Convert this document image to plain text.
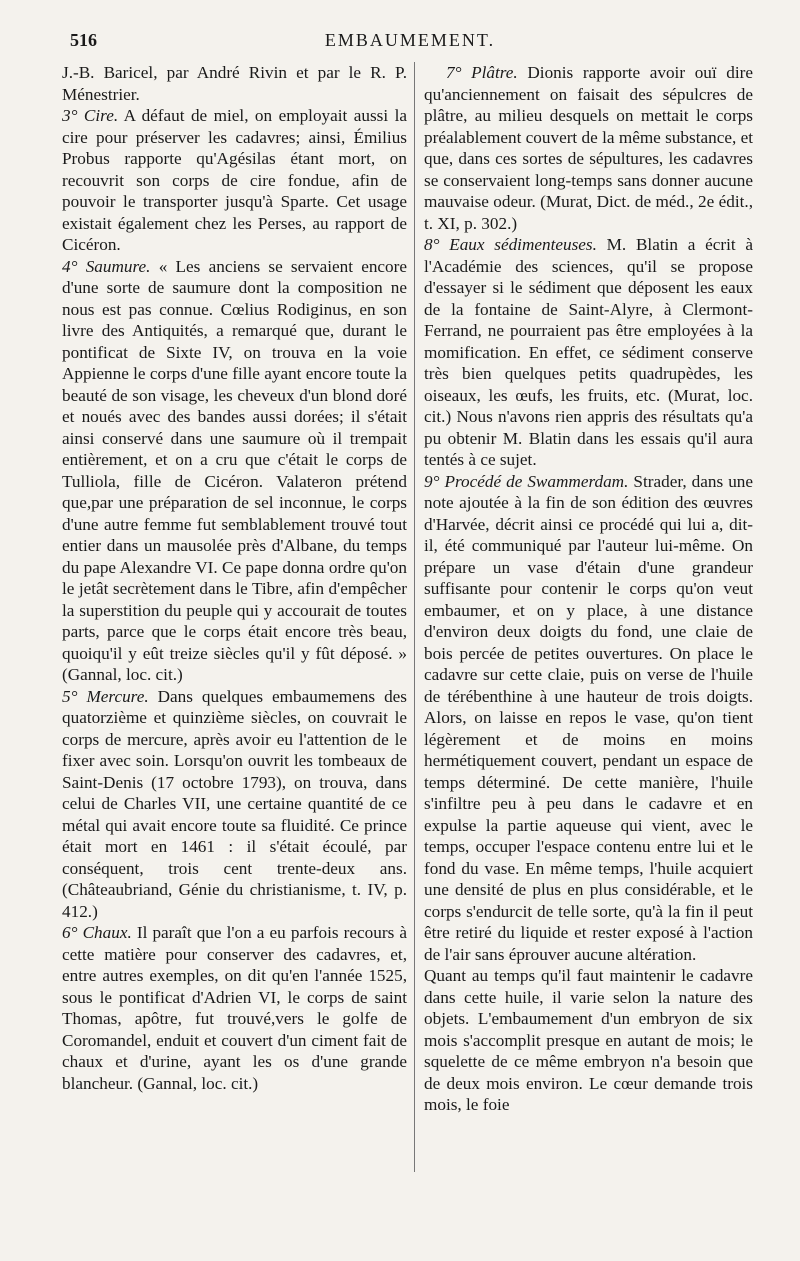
516	EMBAUMEMENT.

J.-B. Baricel, par André Rivin et par le R. P. Ménestrier.

3° Cire. A défaut de miel, on employait aussi la cire pour préserver les cadavres; ainsi, Émilius Probus rapporte qu'Agésilas étant mort, on recouvrit son corps de cire fondue, afin de pouvoir le transporter jusqu'à Sparte. Cet usage existait également chez les Perses, au rapport de Cicéron.

4° Saumure. « Les anciens se servaient encore d'une sorte de saumure dont la composition ne nous est pas connue. Cœlius Rodiginus, en son livre des Antiquités, a remarqué que, durant le pontificat de Sixte IV, on trouva en la voie Appienne le corps d'une fille ayant encore toute la beauté de son visage, les cheveux d'un blond doré et noués avec des bandes aussi dorées; il s'était ainsi conservé dans une saumure où il trempait entièrement, et on a cru que c'était le corps de Tulliola, fille de Cicéron. Valateron prétend que,par une préparation de sel inconnue, le corps d'une autre femme fut semblablement trouvé tout entier dans un mausolée près d'Albane, du temps du pape Alexandre VI. Ce pape donna ordre qu'on le jetât secrètement dans le Tibre, afin d'empêcher la superstition du peuple qui y accourait de toutes parts, parce que le corps était encore très beau, quoiqu'il y eût treize siècles qu'il y fût déposé. » (Gannal, loc. cit.)

5° Mercure. Dans quelques embaumemens des quatorzième et quinzième siècles, on couvrait le corps de mercure, après avoir eu l'attention de le fixer avec soin. Lorsqu'on ouvrit les tombeaux de Saint-Denis (17 octobre 1793), on trouva, dans celui de Charles VII, une certaine quantité de ce métal qui avait encore toute sa fluidité. Ce prince était mort en 1461 : il s'était écoulé, par conséquent, trois cent trente-deux ans. (Châteaubriand, Génie du christianisme, t. IV, p. 412.)

6° Chaux. Il paraît que l'on a eu parfois recours à cette matière pour conserver des cadavres, et, entre autres exemples, on dit qu'en l'année 1525, sous le pontificat d'Adrien VI, le corps de saint Thomas, apôtre, fut trouvé,vers le golfe de Coromandel, enduit et couvert d'un ciment fait de chaux et d'urine, ayant les os d'une grande blancheur. (Gannal, loc. cit.)

7° Plâtre. Dionis rapporte avoir ouï dire qu'anciennement on faisait des sépulcres de plâtre, au milieu desquels on mettait le corps préalablement couvert de la même substance, et que, dans ces sortes de sépultures, les cadavres se conservaient long-temps sans donner aucune mauvaise odeur. (Murat, Dict. de méd., 2e édit., t. XI, p. 302.)

8° Eaux sédimenteuses. M. Blatin a écrit à l'Académie des sciences, qu'il se propose d'essayer si le sédiment que déposent les eaux de la fontaine de Saint-Alyre, à Clermont-Ferrand, ne pourraient pas être employées à la momification. En effet, ce sédiment conserve très bien quelques petits quadrupèdes, les oiseaux, les œufs, les fruits, etc. (Murat, loc. cit.) Nous n'avons rien appris des résultats qu'a pu obtenir M. Blatin dans les essais qu'il aura tentés à ce sujet.

9° Procédé de Swammerdam. Strader, dans une note ajoutée à la fin de son édition des œuvres d'Harvée, décrit ainsi ce procédé qui lui a, dit-il, été communiqué par l'auteur lui-même. On prépare un vase d'étain d'une grandeur suffisante pour contenir le corps qu'on veut embaumer, et on y place, à une distance d'environ deux doigts du fond, une claie de bois percée de petites ouvertures. On place le cadavre sur cette claie, puis on verse de l'huile de térébenthine à une hauteur de trois doigts. Alors, on laisse en repos le vase, qu'on tient légèrement et de moins en moins hermétiquement couvert, pendant un espace de temps déterminé. De cette manière, l'huile s'infiltre peu à peu dans le cadavre et en expulse la partie aqueuse qui vient, avec le temps, occuper l'espace contenu entre lui et le fond du vase. En même temps, l'huile acquiert une densité de plus en plus considérable, et le corps s'endurcit de telle sorte, qu'à la fin il peut être retiré du liquide et rester exposé à l'action de l'air sans éprouver aucune altération.

Quant au temps qu'il faut maintenir le cadavre dans cette huile, il varie selon la nature des objets. L'embaumement d'un embryon de six mois s'accomplit presque en autant de mois; le squelette de ce même embryon n'a besoin que de deux mois environ. Le cœur demande trois mois, le foie
